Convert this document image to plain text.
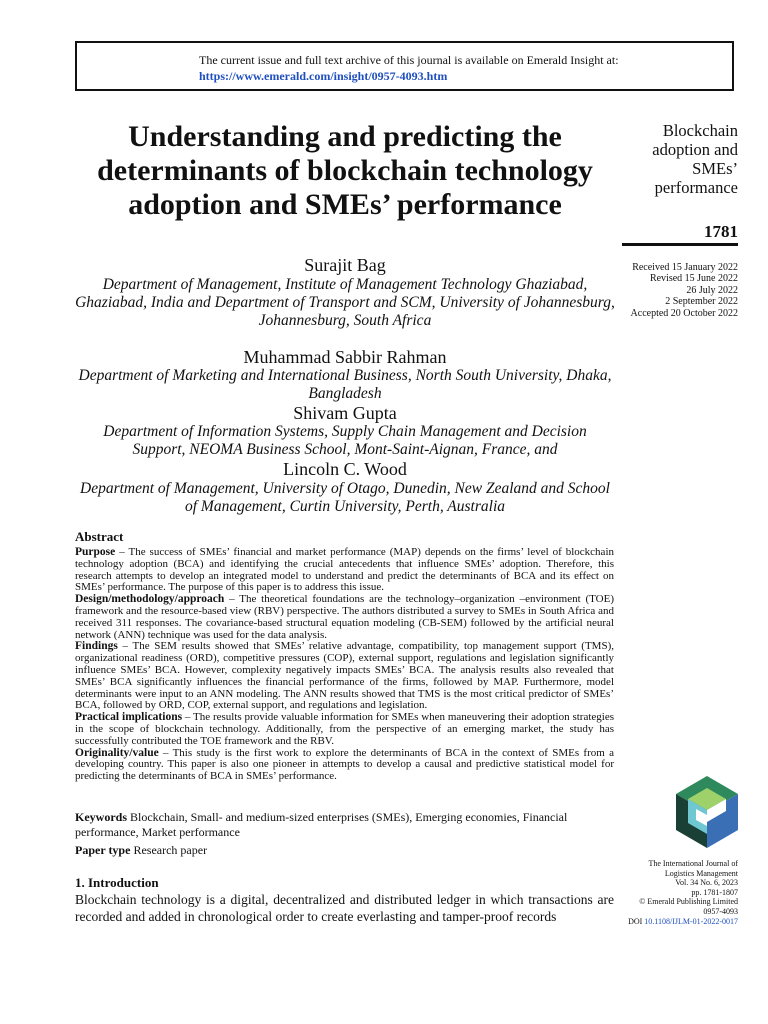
The current issue and full text archive of this journal is available on Emerald Insight at:
https://www.emerald.com/insight/0957-4093.htm
Understanding and predicting the determinants of blockchain technology adoption and SMEs’ performance
Surajit Bag
Department of Management, Institute of Management Technology Ghaziabad, Ghaziabad, India and Department of Transport and SCM, University of Johannesburg, Johannesburg, South Africa
Muhammad Sabbir Rahman
Department of Marketing and International Business, North South University, Dhaka, Bangladesh
Shivam Gupta
Department of Information Systems, Supply Chain Management and Decision Support, NEOMA Business School, Mont-Saint-Aignan, France, and
Lincoln C. Wood
Department of Management, University of Otago, Dunedin, New Zealand and School of Management, Curtin University, Perth, Australia
Blockchain adoption and SMEs’ performance
1781
Received 15 January 2022
Revised 15 June 2022
26 July 2022
2 September 2022
Accepted 20 October 2022
Abstract

Purpose – The success of SMEs’ financial and market performance (MAP) depends on the firms’ level of blockchain technology adoption (BCA) and identifying the crucial antecedents that influence SMEs’ adoption. Therefore, this research attempts to develop an integrated model to understand and predict the determinants of BCA and its effect on SMEs’ performance. The purpose of this paper is to address this issue.

Design/methodology/approach – The theoretical foundations are the technology–organization –environment (TOE) framework and the resource-based view (RBV) perspective. The authors distributed a survey to SMEs in South Africa and received 311 responses. The covariance-based structural equation modeling (CB-SEM) followed by the artificial neural network (ANN) technique was used for the data analysis.

Findings – The SEM results showed that SMEs’ relative advantage, compatibility, top management support (TMS), organizational readiness (ORD), competitive pressures (COP), external support, regulations and legislation significantly influence SMEs’ BCA. However, complexity negatively impacts SMEs’ BCA. The analysis results also revealed that SMEs’ BCA significantly influences the financial performance of the firms, followed by MAP. Furthermore, model determinants were input to an ANN modeling. The ANN results showed that TMS is the most critical predictor of SMEs’ BCA, followed by ORD, COP, external support, and regulations and legislation.

Practical implications – The results provide valuable information for SMEs when maneuvering their adoption strategies in the scope of blockchain technology. Additionally, from the perspective of an emerging market, the study has successfully contributed the TOE framework and the RBV.

Originality/value – This study is the first work to explore the determinants of BCA in the context of SMEs from a developing country. This paper is also one pioneer in attempts to develop a causal and predictive statistical model for predicting the determinants of BCA in SMEs’ performance.

Keywords Blockchain, Small- and medium-sized enterprises (SMEs), Emerging economies, Financial performance, Market performance

Paper type Research paper

The International Journal of
Logistics Management
Vol. 34 No. 6, 2023
pp. 1781-1807
© Emerald Publishing Limited
0957-4093
DOI 10.1108/IJLM-01-2022-0017
1. Introduction
Blockchain technology is a digital, decentralized and distributed ledger in which transactions are recorded and added in chronological order to create everlasting and tamper-proof records
